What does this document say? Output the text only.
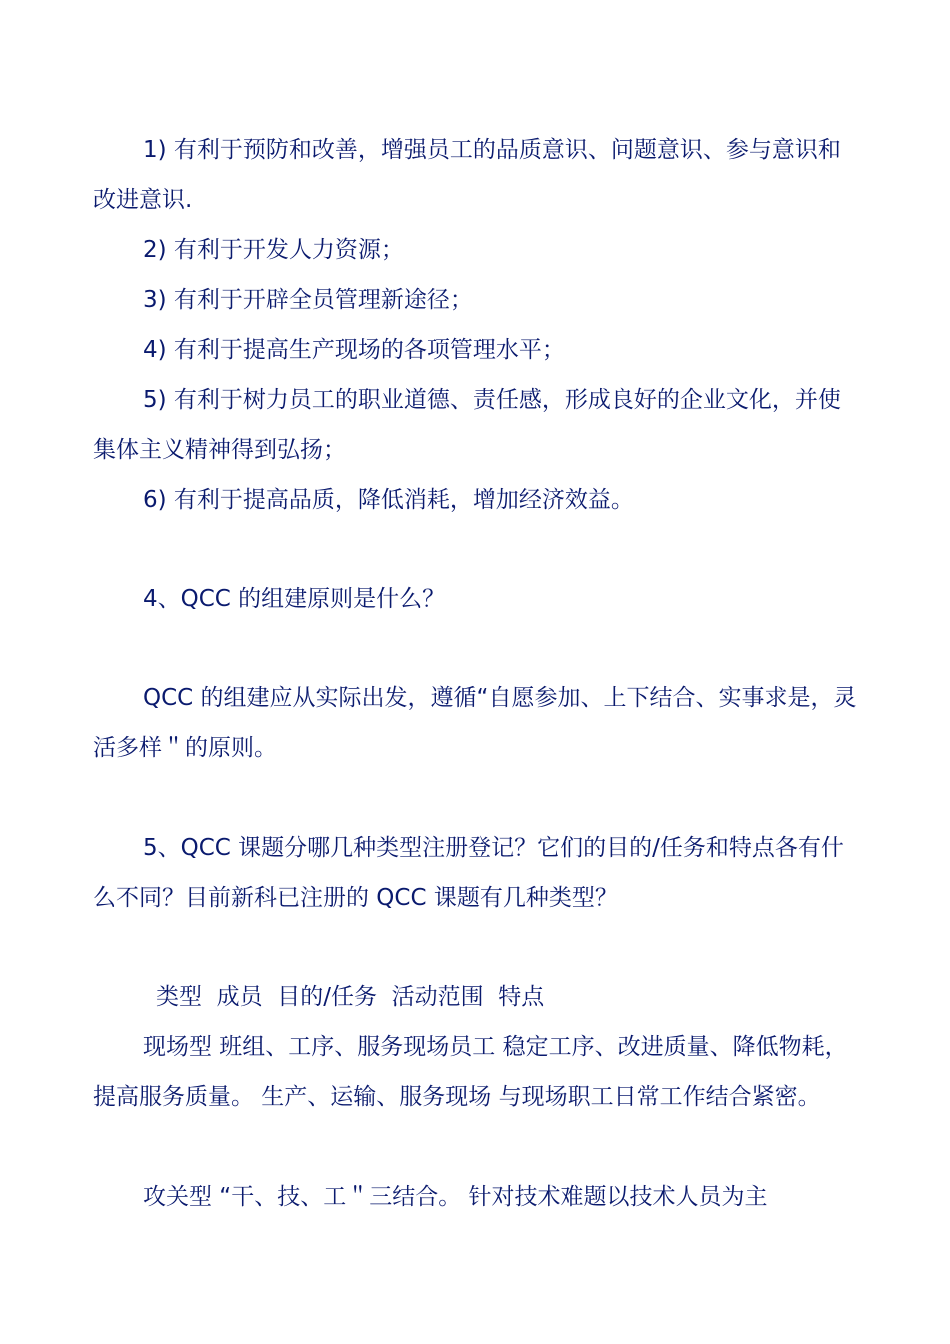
1) 有利于预防和改善，增强员工的品质意识、问题意识、参与意识和改进意识.

2) 有利于开发人力资源；

3) 有利于开辟全员管理新途径；

4) 有利于提高生产现场的各项管理水平；

5) 有利于树力员工的职业道德、责任感，形成良好的企业文化，并使集体主义精神得到弘扬；

6) 有利于提高品质，降低消耗，增加经济效益。

4、QCC 的组建原则是什么？

QCC 的组建应从实际出发，遵循“自愿参加、上下结合、实事求是，灵活多样＂的原则。

5、QCC 课题分哪几种类型注册登记？它们的目的/任务和特点各有什么不同？目前新科已注册的 QCC 课题有几种类型？

类型  成员  目的/任务  活动范围  特点

现场型 班组、工序、服务现场员工 稳定工序、改进质量、降低物耗，提高服务质量。 生产、运输、服务现场 与现场职工日常工作结合紧密。

攻关型 “干、技、工＂三结合。 针对技术难题以技术人员为主
